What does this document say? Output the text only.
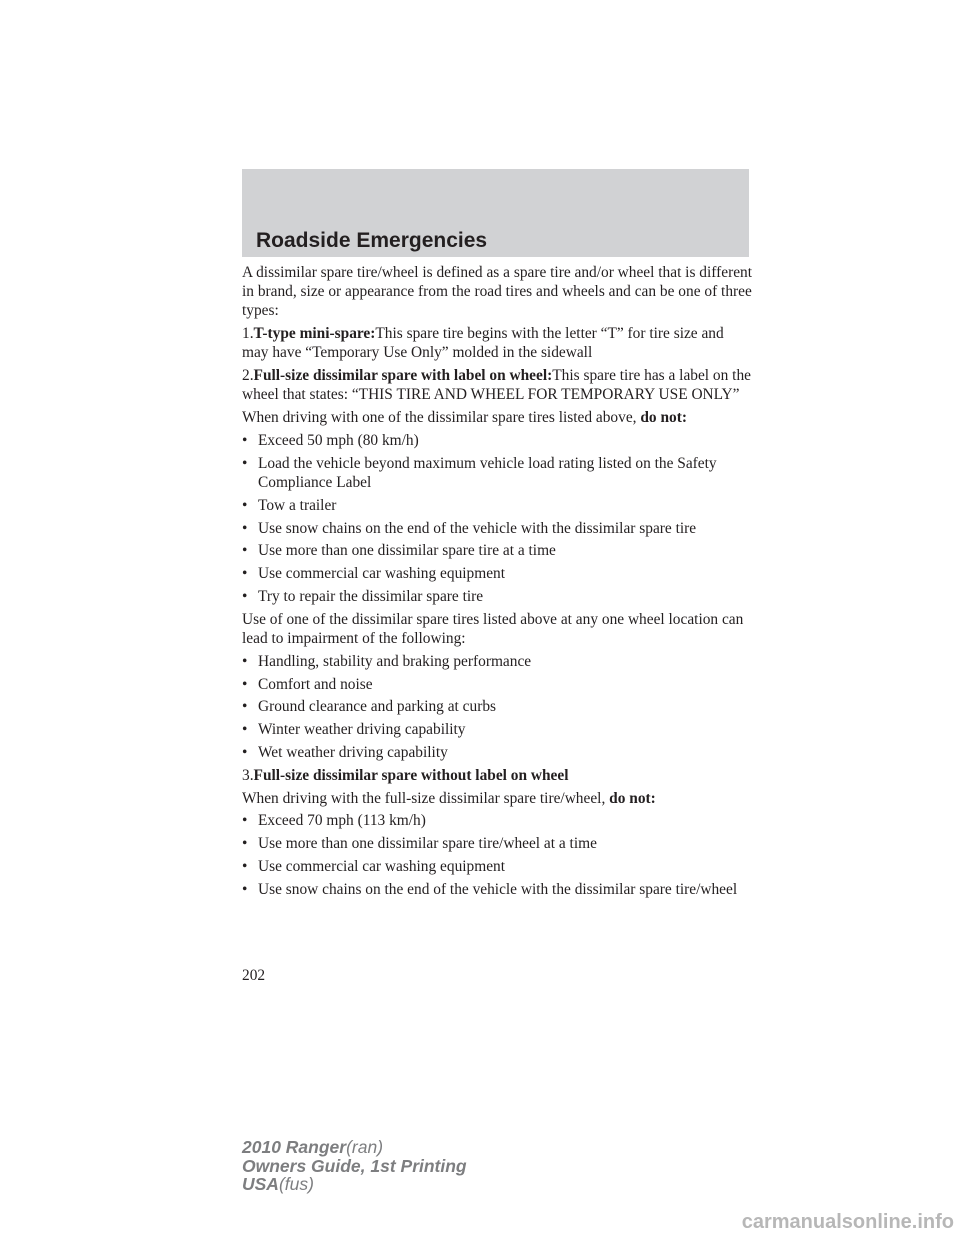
Roadside Emergencies

A dissimilar spare tire/wheel is defined as a spare tire and/or wheel that is different in brand, size or appearance from the road tires and wheels and can be one of three types:

1.T-type mini-spare:This spare tire begins with the letter “T” for tire size and may have “Temporary Use Only” molded in the sidewall

2.Full-size dissimilar spare with label on wheel:This spare tire has a label on the wheel that states: “THIS TIRE AND WHEEL FOR TEMPORARY USE ONLY”

When driving with one of the dissimilar spare tires listed above, do not:

• Exceed 50 mph (80 km/h)
• Load the vehicle beyond maximum vehicle load rating listed on the Safety Compliance Label
• Tow a trailer
• Use snow chains on the end of the vehicle with the dissimilar spare tire
• Use more than one dissimilar spare tire at a time
• Use commercial car washing equipment
• Try to repair the dissimilar spare tire

Use of one of the dissimilar spare tires listed above at any one wheel location can lead to impairment of the following:

• Handling, stability and braking performance
• Comfort and noise
• Ground clearance and parking at curbs
• Winter weather driving capability
• Wet weather driving capability

3.Full-size dissimilar spare without label on wheel

When driving with the full-size dissimilar spare tire/wheel, do not:

• Exceed 70 mph (113 km/h)
• Use more than one dissimilar spare tire/wheel at a time
• Use commercial car washing equipment
• Use snow chains on the end of the vehicle with the dissimilar spare tire/wheel
202
2010 Ranger(ran)
Owners Guide, 1st Printing
USA(fus)
carmanualsonline.info
